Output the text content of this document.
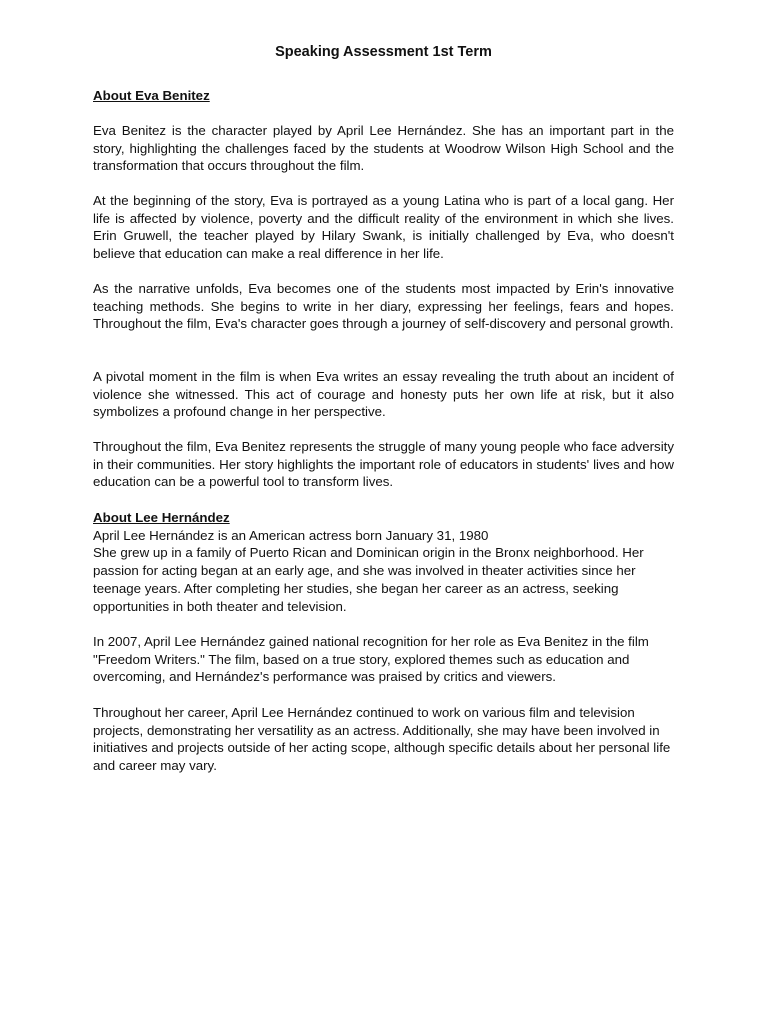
Speaking Assessment 1st Term

About Eva Benitez

Eva Benitez is the character played by April Lee Hernández. She has an important part in the story, highlighting the challenges faced by the students at Woodrow Wilson High School and the transformation that occurs throughout the film.

At the beginning of the story, Eva is portrayed as a young Latina who is part of a local gang. Her life is affected by violence, poverty and the difficult reality of the environment in which she lives. Erin Gruwell, the teacher played by Hilary Swank, is initially challenged by Eva, who doesn't believe that education can make a real difference in her life.

As the narrative unfolds, Eva becomes one of the students most impacted by Erin's innovative teaching methods. She begins to write in her diary, expressing her feelings, fears and hopes. Throughout the film, Eva's character goes through a journey of self-discovery and personal growth.

A pivotal moment in the film is when Eva writes an essay revealing the truth about an incident of violence she witnessed. This act of courage and honesty puts her own life at risk, but it also symbolizes a profound change in her perspective.

Throughout the film, Eva Benitez represents the struggle of many young people who face adversity in their communities. Her story highlights the important role of educators in students' lives and how education can be a powerful tool to transform lives.

About Lee Hernández

April Lee Hernández is an American actress born January 31, 1980
She grew up in a family of Puerto Rican and Dominican origin in the Bronx neighborhood. Her passion for acting began at an early age, and she was involved in theater activities since her teenage years. After completing her studies, she began her career as an actress, seeking opportunities in both theater and television.

In 2007, April Lee Hernández gained national recognition for her role as Eva Benitez in the film "Freedom Writers." The film, based on a true story, explored themes such as education and overcoming, and Hernández's performance was praised by critics and viewers.

Throughout her career, April Lee Hernández continued to work on various film and television projects, demonstrating her versatility as an actress. Additionally, she may have been involved in initiatives and projects outside of her acting scope, although specific details about her personal life and career may vary.
